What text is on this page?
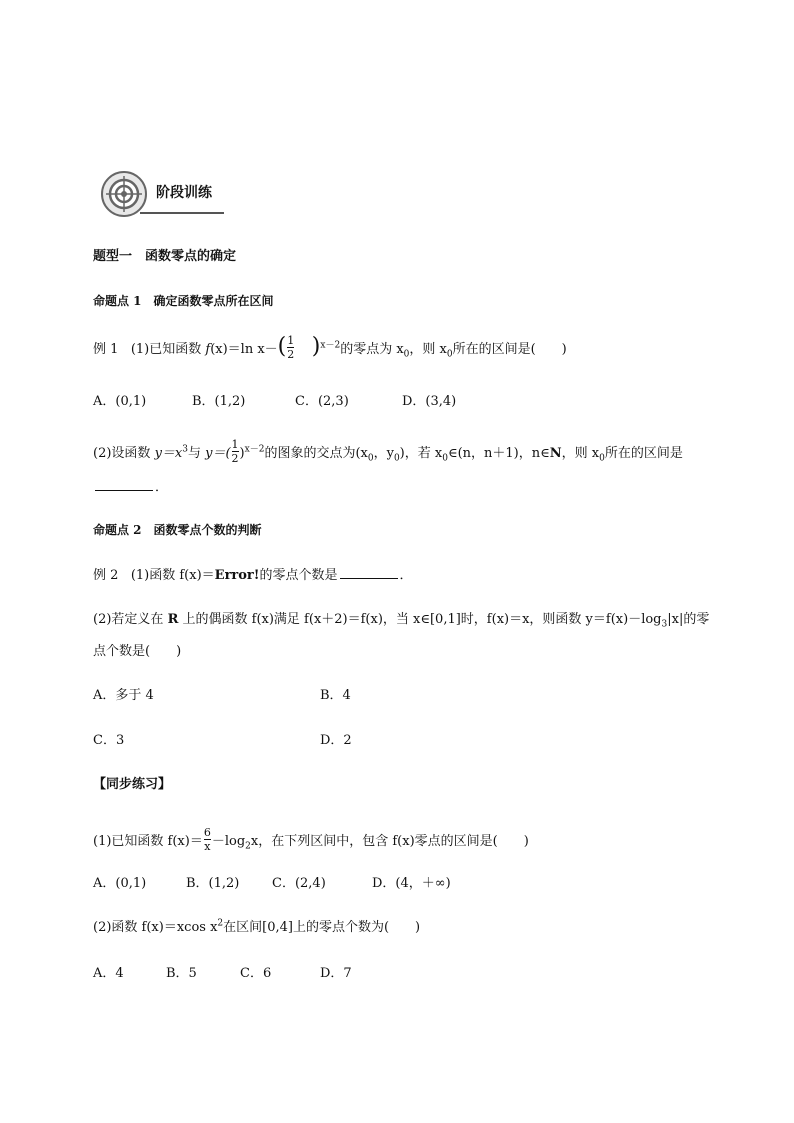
阶段训练
题型一　函数零点的确定
命题点 1　确定函数零点所在区间
例 1 (1)已知函数 f(x)＝ln $x-( \frac{1}{2} )^{x-2}$的零点为 $x_0$，则 $x_0$所在的区间是(　　)
A．(0,1)	B．(1,2)	C．(2,3)	D．(3,4)
(2)设函数 $y=x^3$与 $y=( \frac{1}{2} )^{x-2}$的图象的交点为($x_0$，$y_0$)，若 $x_0\in(n$，n＋1)，n∈N，则 $x_0$所在的区间是
．
命题点 2　函数零点个数的判断
例 2 (1)函数 f(x)＝Error!的零点个数是	．
(2)若定义在 R 上的偶函数 f(x)满足 f(x＋2)＝f(x)，当 x∈[0,1]时，f(x)＝x，则函数 $y=f(x)-\log_3|x|$的零
点个数是(　　)
A．多于 4	B．4
C．3	D．2
【同步练习】
(1)已知函数 $f(x)= \frac{6}{x} -\log_2x$，在下列区间中，包含 f(x)零点的区间是(　　)
A．(0,1)	B．(1,2)	C．(2,4)	D．(4，＋∞)
(2)函数 f(x)＝xcos $x^2$在区间[0,4]上的零点个数为(　　)
A．4	B．5	C．6	D．7
